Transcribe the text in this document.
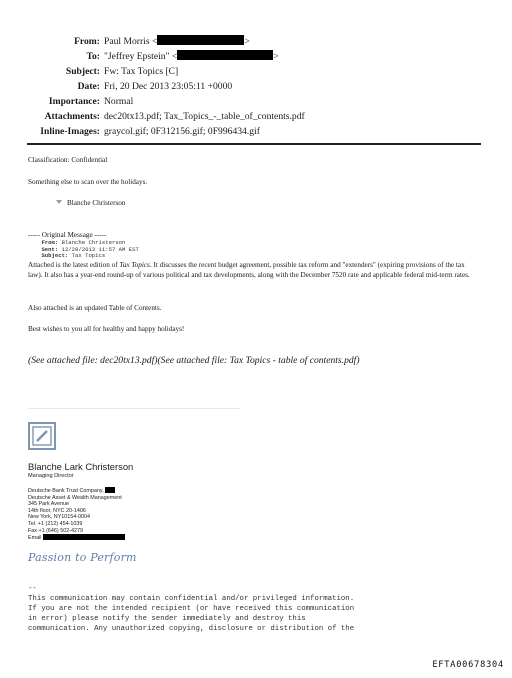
From: Paul Morris <	>
To: "Jeffrey Epstein" <	>
Subject: Fw: Tax Topics [C]
Date: Fri, 20 Dec 2013 23:05:11 +0000
Importance: Normal
Attachments: dec20tx13.pdf; Tax_Topics_-_table_of_contents.pdf
Inline-Images: graycol.gif; 0F312156.gif; 0F996434.gif
Classification: Confidential
Something else to scan over the holidays.
Blanche Christerson
----- Original Message -----
From: Blanche Christerson
Sent: 12/20/2013 11:57 AM EST
Subject: Tax Topics
Attached is the latest edition of Tax Topics. It discusses the recent budget agreement, possible tax reform and "extenders" (expiring provisions of the tax law). It also has a year-end round-up of various political and tax developments, along with the December 7520 rate and applicable federal mid-term rates.
Also attached is an updated Table of Contents.
Best wishes to you all for healthy and happy holidays!
(See attached file: dec20tx13.pdf)(See attached file: Tax Topics - table of contents.pdf)
Blanche Lark Christerson
Managing Director
Deutsche Bank Trust Company,
Deutsche Asset & Wealth Management
345 Park Avenue
14th floor, NYC 20-1406
New York, NY10154-0004
Tel. +1 (212) 454-1039
Fax +1 (646) 502-4279
Email
Passion to Perform
--
This communication may contain confidential and/or privileged information.
If you are not the intended recipient (or have received this communication
in error) please notify the sender immediately and destroy this
communication. Any unauthorized copying, disclosure or distribution of the
EFTA00678304
